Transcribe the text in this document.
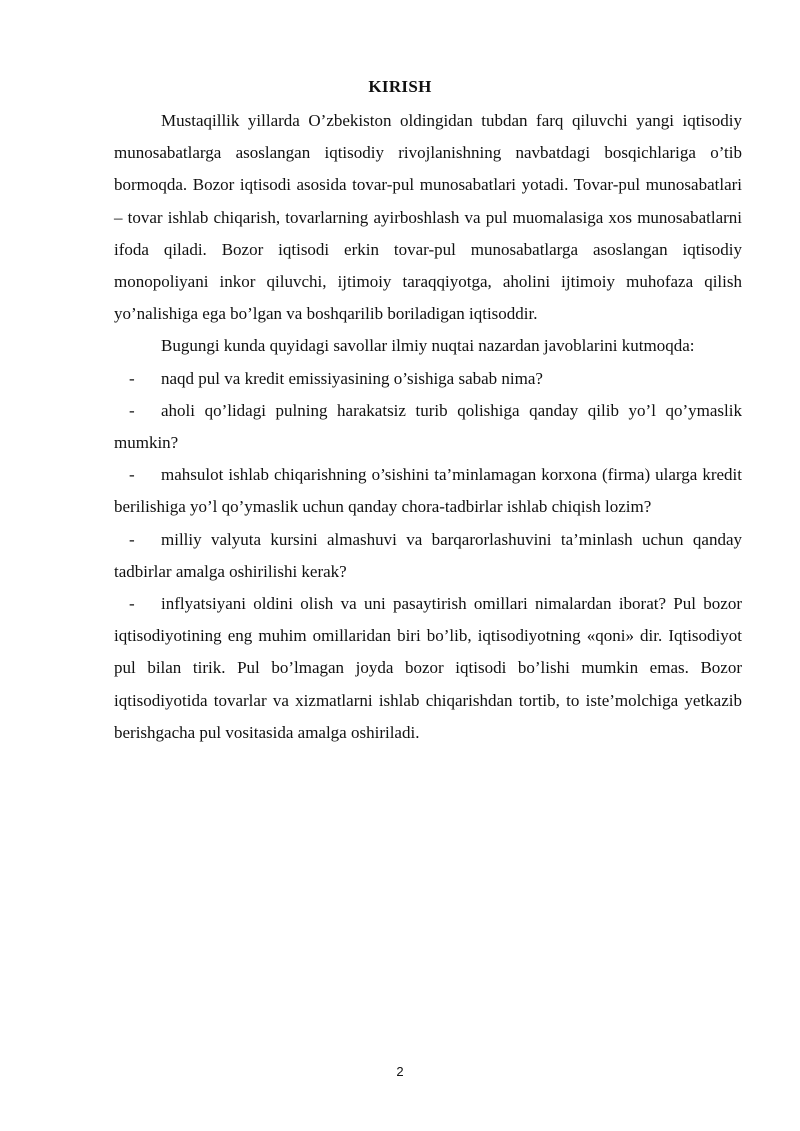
KIRISH

Mustaqillik yillarda O’zbekiston oldingidan tubdan farq qiluvchi yangi iqtisodiy munosabatlarga asoslangan iqtisodiy rivojlanishning navbatdagi bosqichlariga o’tib bormoqda. Bozor iqtisodi asosida tovar-pul munosabatlari yotadi. Tovar-pul munosabatlari – tovar ishlab chiqarish, tovarlarning ayirboshlash va pul muomalasiga xos munosabatlarni ifoda qiladi. Bozor iqtisodi erkin tovar-pul munosabatlarga asoslangan iqtisodiy monopoliyani inkor qiluvchi, ijtimoiy taraqqiyotga, aholini ijtimoiy muhofaza qilish yo’nalishiga ega bo’lgan va boshqarilib boriladigan iqtisoddir.

Bugungi kunda quyidagi savollar ilmiy nuqtai nazardan javoblarini kutmoqda:

- naqd pul va kredit emissiyasining o’sishiga sabab nima?

- aholi qo’lidagi pulning harakatsiz turib qolishiga qanday qilib yo’l qo’ymaslik mumkin?

- mahsulot ishlab chiqarishning o’sishini ta’minlamagan korxona (firma) ularga kredit berilishiga yo’l qo’ymaslik uchun qanday chora-tadbirlar ishlab chiqish lozim?

- milliy valyuta kursini almashuvi va barqarorlashuvini ta’minlash uchun qanday tadbirlar amalga oshirilishi kerak?

- inflyatsiyani oldini olish va uni pasaytirish omillari nimalardan iborat? Pul bozor iqtisodiyotining eng muhim omillaridan biri bo’lib, iqtisodiyotning «qoni» dir. Iqtisodiyot pul bilan tirik. Pul bo’lmagan joyda bozor iqtisodi bo’lishi mumkin emas. Bozor iqtisodiyotida tovarlar va xizmatlarni ishlab chiqarishdan tortib, to iste’molchiga yetkazib berishgacha pul vositasida amalga oshiriladi.

2
